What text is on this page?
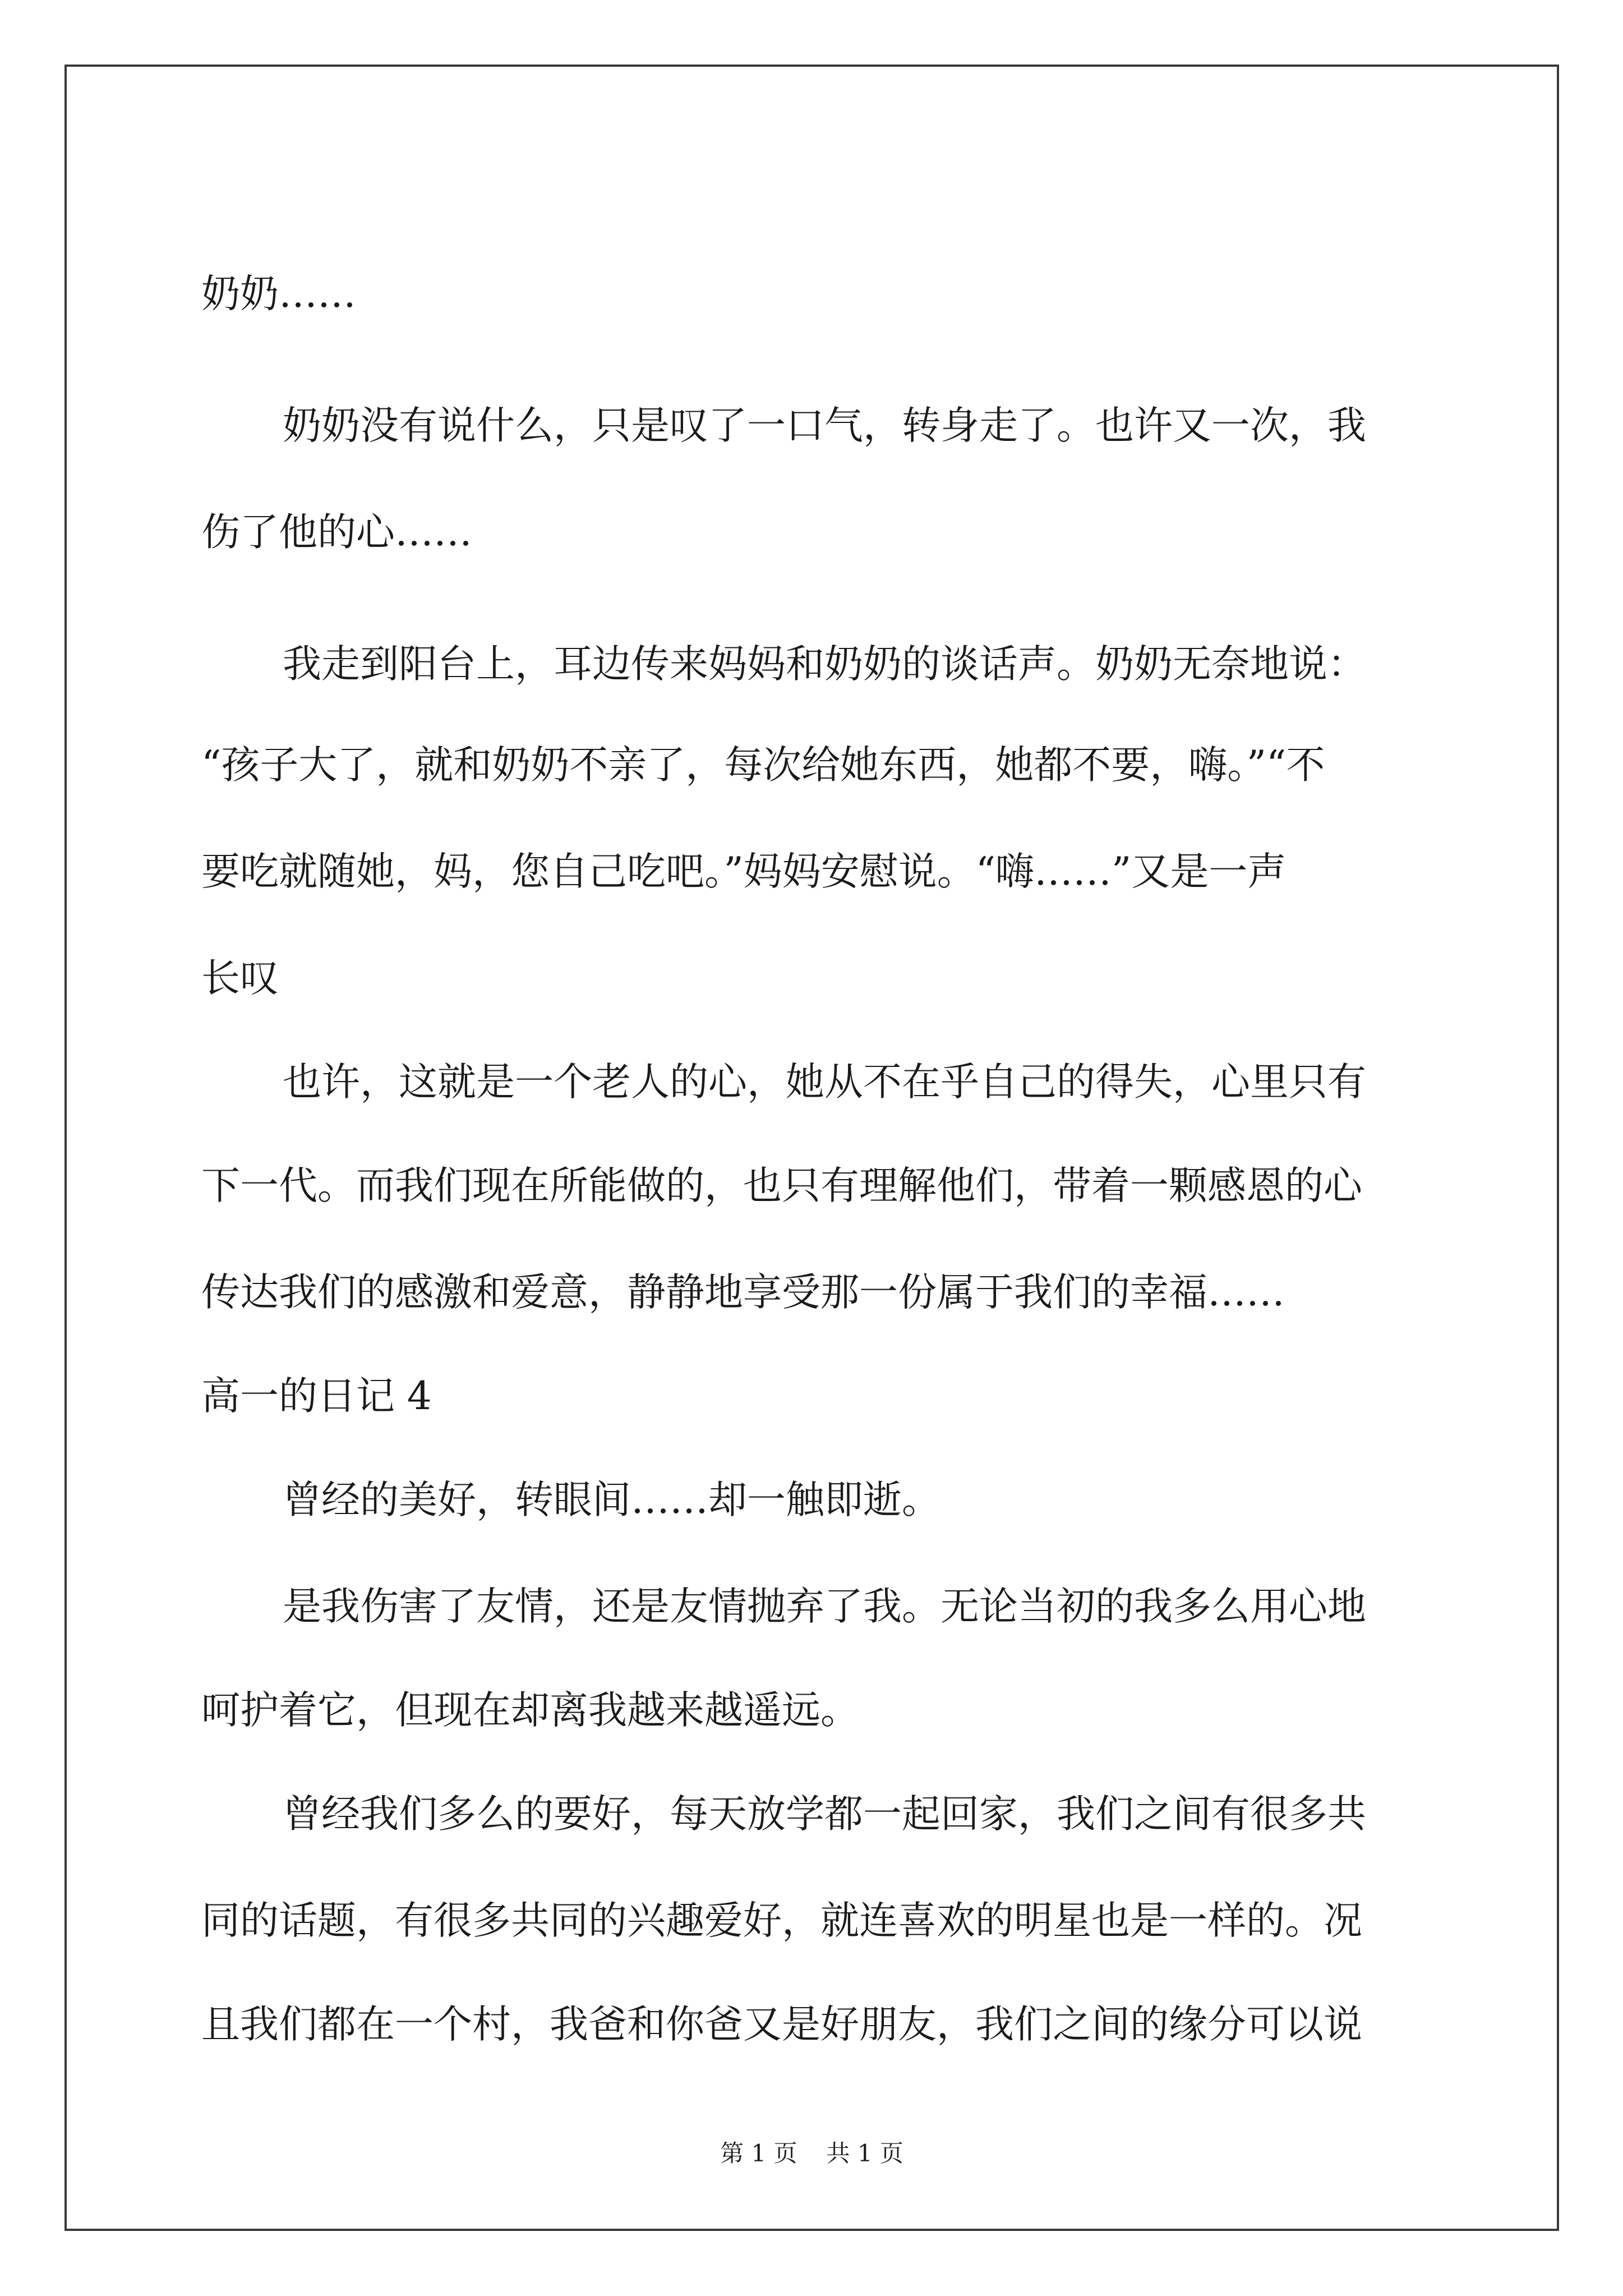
奶奶……
奶奶没有说什么，只是叹了一口气，转身走了。也许又一次，我
伤了他的心……
我走到阳台上，耳边传来妈妈和奶奶的谈话声。奶奶无奈地说：
“孩子大了，就和奶奶不亲了，每次给她东西，她都不要，嗨。”“不
要吃就随她，妈，您自己吃吧。”妈妈安慰说。“嗨……”又是一声
长叹
也许，这就是一个老人的心，她从不在乎自己的得失，心里只有
下一代。而我们现在所能做的，也只有理解他们，带着一颗感恩的心
传达我们的感激和爱意，静静地享受那一份属于我们的幸福……
高一的日记 4
曾经的美好，转眼间……却一触即逝。
是我伤害了友情，还是友情抛弃了我。无论当初的我多么用心地
呵护着它，但现在却离我越来越遥远。
曾经我们多么的要好，每天放学都一起回家，我们之间有很多共
同的话题，有很多共同的兴趣爱好，就连喜欢的明星也是一样的。况
且我们都在一个村，我爸和你爸又是好朋友，我们之间的缘分可以说
第 1 页 共 1 页
